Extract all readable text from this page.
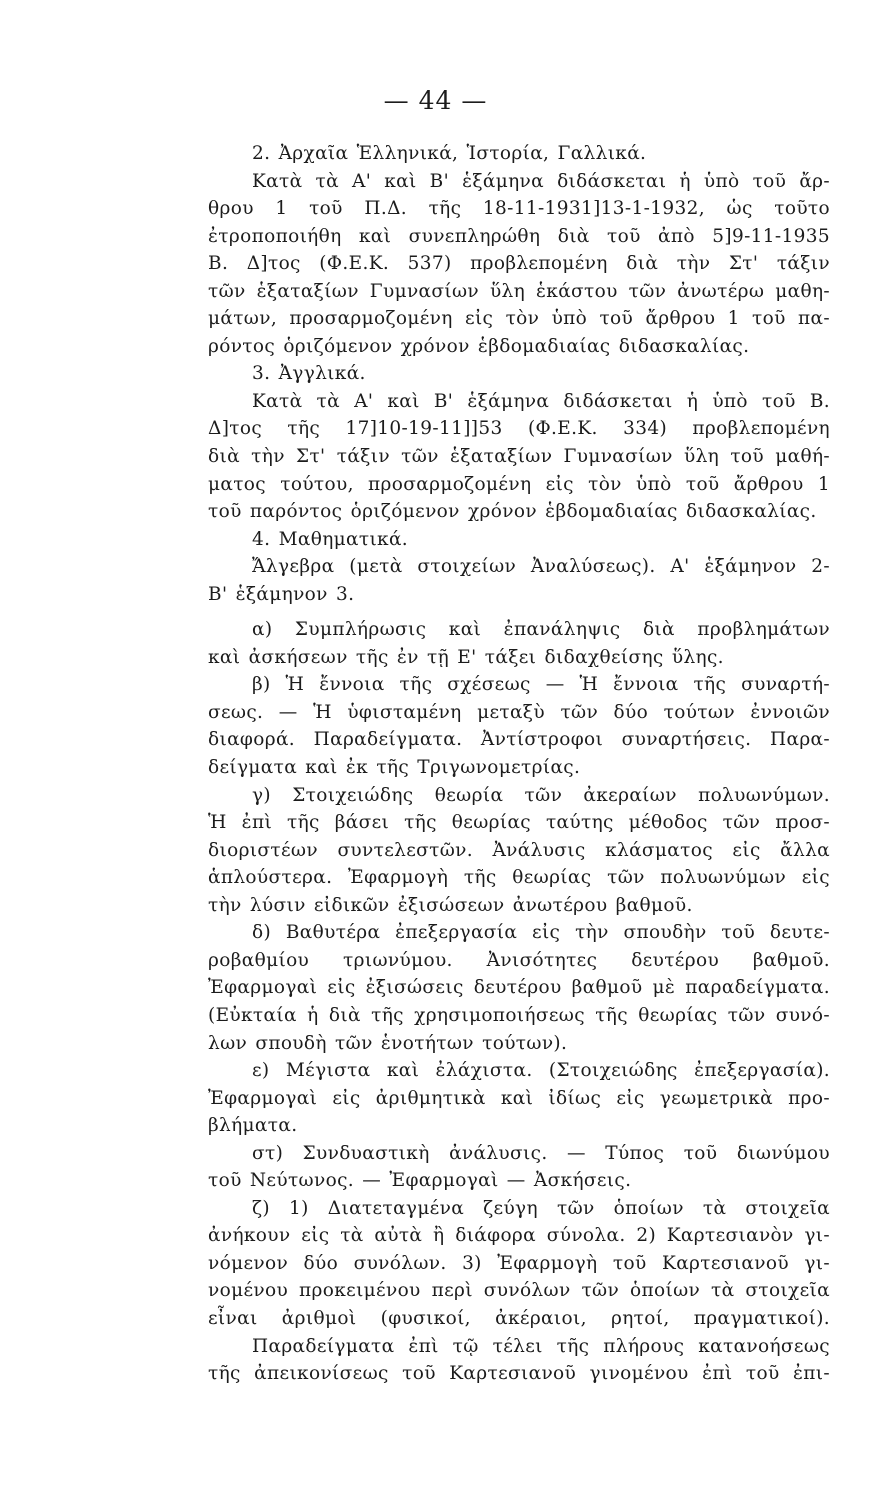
— 44 —
2. Ἀρχαῖα Ἑλληνικά, Ἱστορία, Γαλλικά.
Κατὰ τὰ Α' καὶ Β' ἑξάμηνα διδάσκεται ἡ ὑπὸ τοῦ ἄρ-
θρου 1 τοῦ Π.Δ. τῆς 18-11-1931]13-1-1932, ὡς τοῦτο
ἐτροποποιήθη καὶ συνεπληρώθη διὰ τοῦ ἀπὸ 5]9-11-1935
Β. Δ]τος (Φ.Ε.Κ. 537) προβλεπομένη διὰ τὴν Στ' τάξιν
τῶν ἑξαταξίων Γυμνασίων ὕλη ἑκάστου τῶν ἀνωτέρω μαθη-
μάτων, προσαρμοζομένη εἰς τὸν ὑπὸ τοῦ ἄρθρου 1 τοῦ πα-
ρόντος ὁριζόμενον χρόνον ἑβδομαδιαίας διδασκαλίας.
3. Ἀγγλικά.
Κατὰ τὰ Α' καὶ Β' ἑξάμηνα διδάσκεται ἡ ὑπὸ τοῦ Β.
Δ]τος τῆς 17]10-19-11]]53 (Φ.Ε.Κ. 334) προβλεπομένη
διὰ τὴν Στ' τάξιν τῶν ἑξαταξίων Γυμνασίων ὕλη τοῦ μαθή-
ματος τούτου, προσαρμοζομένη εἰς τὸν ὑπὸ τοῦ ἄρθρου 1
τοῦ παρόντος ὁριζόμενον χρόνον ἑβδομαδιαίας διδασκαλίας.
4. Μαθηματικά.
Ἄλγεβρα (μετὰ στοιχείων Ἀναλύσεως). Α' ἑξάμηνον 2-
Β' ἑξάμηνον 3.
α) Συμπλήρωσις καὶ ἐπανάληψις διὰ προβλημάτων
καὶ ἀσκήσεων τῆς ἐν τῇ Ε' τάξει διδαχθείσης ὕλης.
β) Ἡ ἔννοια τῆς σχέσεως — Ἡ ἔννοια τῆς συναρτή-
σεως. — Ἡ ὑφισταμένη μεταξὺ τῶν δύο τούτων ἐννοιῶν
διαφορά. Παραδείγματα. Ἀντίστροφοι συναρτήσεις. Παρα-
δείγματα καὶ ἐκ τῆς Τριγωνομετρίας.
γ) Στοιχειώδης θεωρία τῶν ἀκεραίων πολυωνύμων.
Ἡ ἐπὶ τῆς βάσει τῆς θεωρίας ταύτης μέθοδος τῶν προσ-
διοριστέων συντελεστῶν. Ἀνάλυσις κλάσματος εἰς ἄλλα
ἁπλούστερα. Ἐφαρμογὴ τῆς θεωρίας τῶν πολυωνύμων εἰς
τὴν λύσιν εἰδικῶν ἐξισώσεων ἀνωτέρου βαθμοῦ.
δ) Βαθυτέρα ἐπεξεργασία εἰς τὴν σπουδὴν τοῦ δευτε-
ροβαθμίου τριωνύμου. Ἀνισότητες δευτέρου βαθμοῦ.
Ἐφαρμογαὶ εἰς ἐξισώσεις δευτέρου βαθμοῦ μὲ παραδείγματα.
(Εὐκταία ἡ διὰ τῆς χρησιμοποιήσεως τῆς θεωρίας τῶν συνό-
λων σπουδὴ τῶν ἑνοτήτων τούτων).
ε) Μέγιστα καὶ ἐλάχιστα. (Στοιχειώδης ἐπεξεργασία).
Ἐφαρμογαὶ εἰς ἀριθμητικὰ καὶ ἰδίως εἰς γεωμετρικὰ προ-
βλήματα.
στ) Συνδυαστικὴ ἀνάλυσις. — Τύπος τοῦ διωνύμου
τοῦ Νεύτωνος. — Ἐφαρμογαὶ — Ἀσκήσεις.
ζ) 1) Διατεταγμένα ζεύγη τῶν ὁποίων τὰ στοιχεῖα
ἀνήκουν εἰς τὰ αὐτὰ ἢ διάφορα σύνολα. 2) Καρτεσιανὸν γι-
νόμενον δύο συνόλων. 3) Ἐφαρμογὴ τοῦ Καρτεσιανοῦ γι-
νομένου προκειμένου περὶ συνόλων τῶν ὁποίων τὰ στοιχεῖα
εἶναι ἀριθμοὶ (φυσικοί, ἀκέραιοι, ρητοί, πραγματικοί).
Παραδείγματα ἐπὶ τῷ τέλει τῆς πλήρους κατανοήσεως
τῆς ἀπεικονίσεως τοῦ Καρτεσιανοῦ γινομένου ἐπὶ τοῦ ἐπι-
